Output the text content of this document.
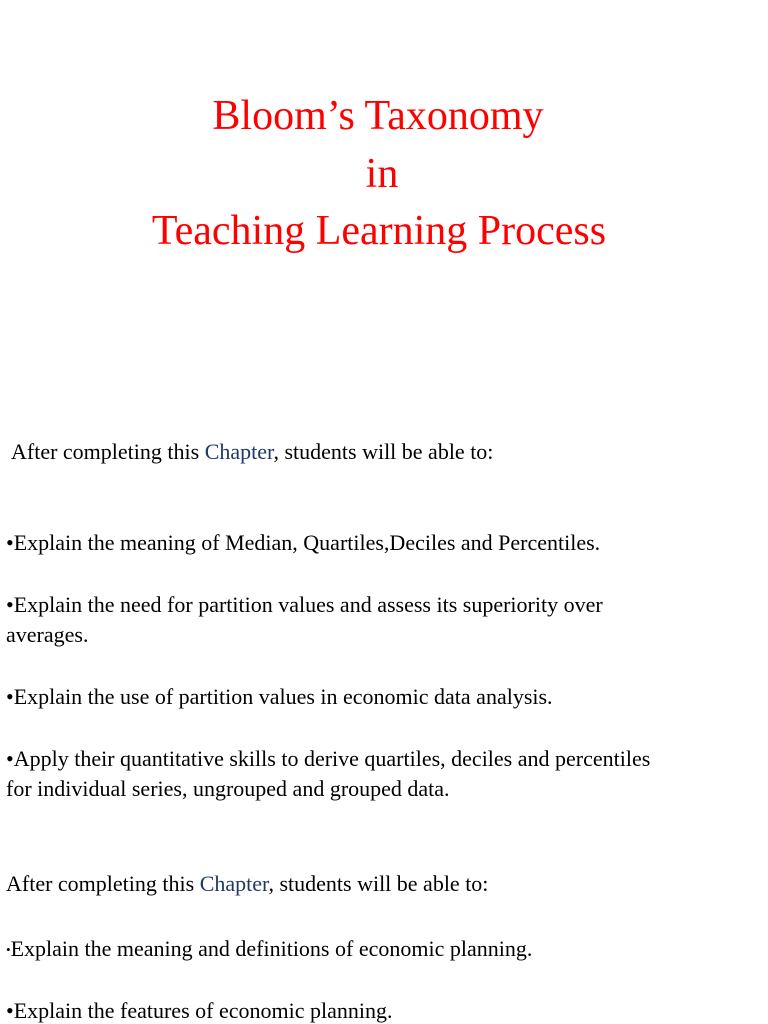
Bloom’s Taxonomy
in
Teaching Learning Process
After completing this Chapter, students will be able to:
•Explain the meaning of Median, Quartiles,Deciles and Percentiles.
•Explain the need for partition values and assess its superiority over
averages.
•Explain the use of partition values in economic data analysis.
•Apply their quantitative skills to derive quartiles, deciles and percentiles
for individual series, ungrouped and grouped data.
After completing this Chapter, students will be able to:
•Explain the meaning and definitions of economic planning.
•Explain the features of economic planning.
